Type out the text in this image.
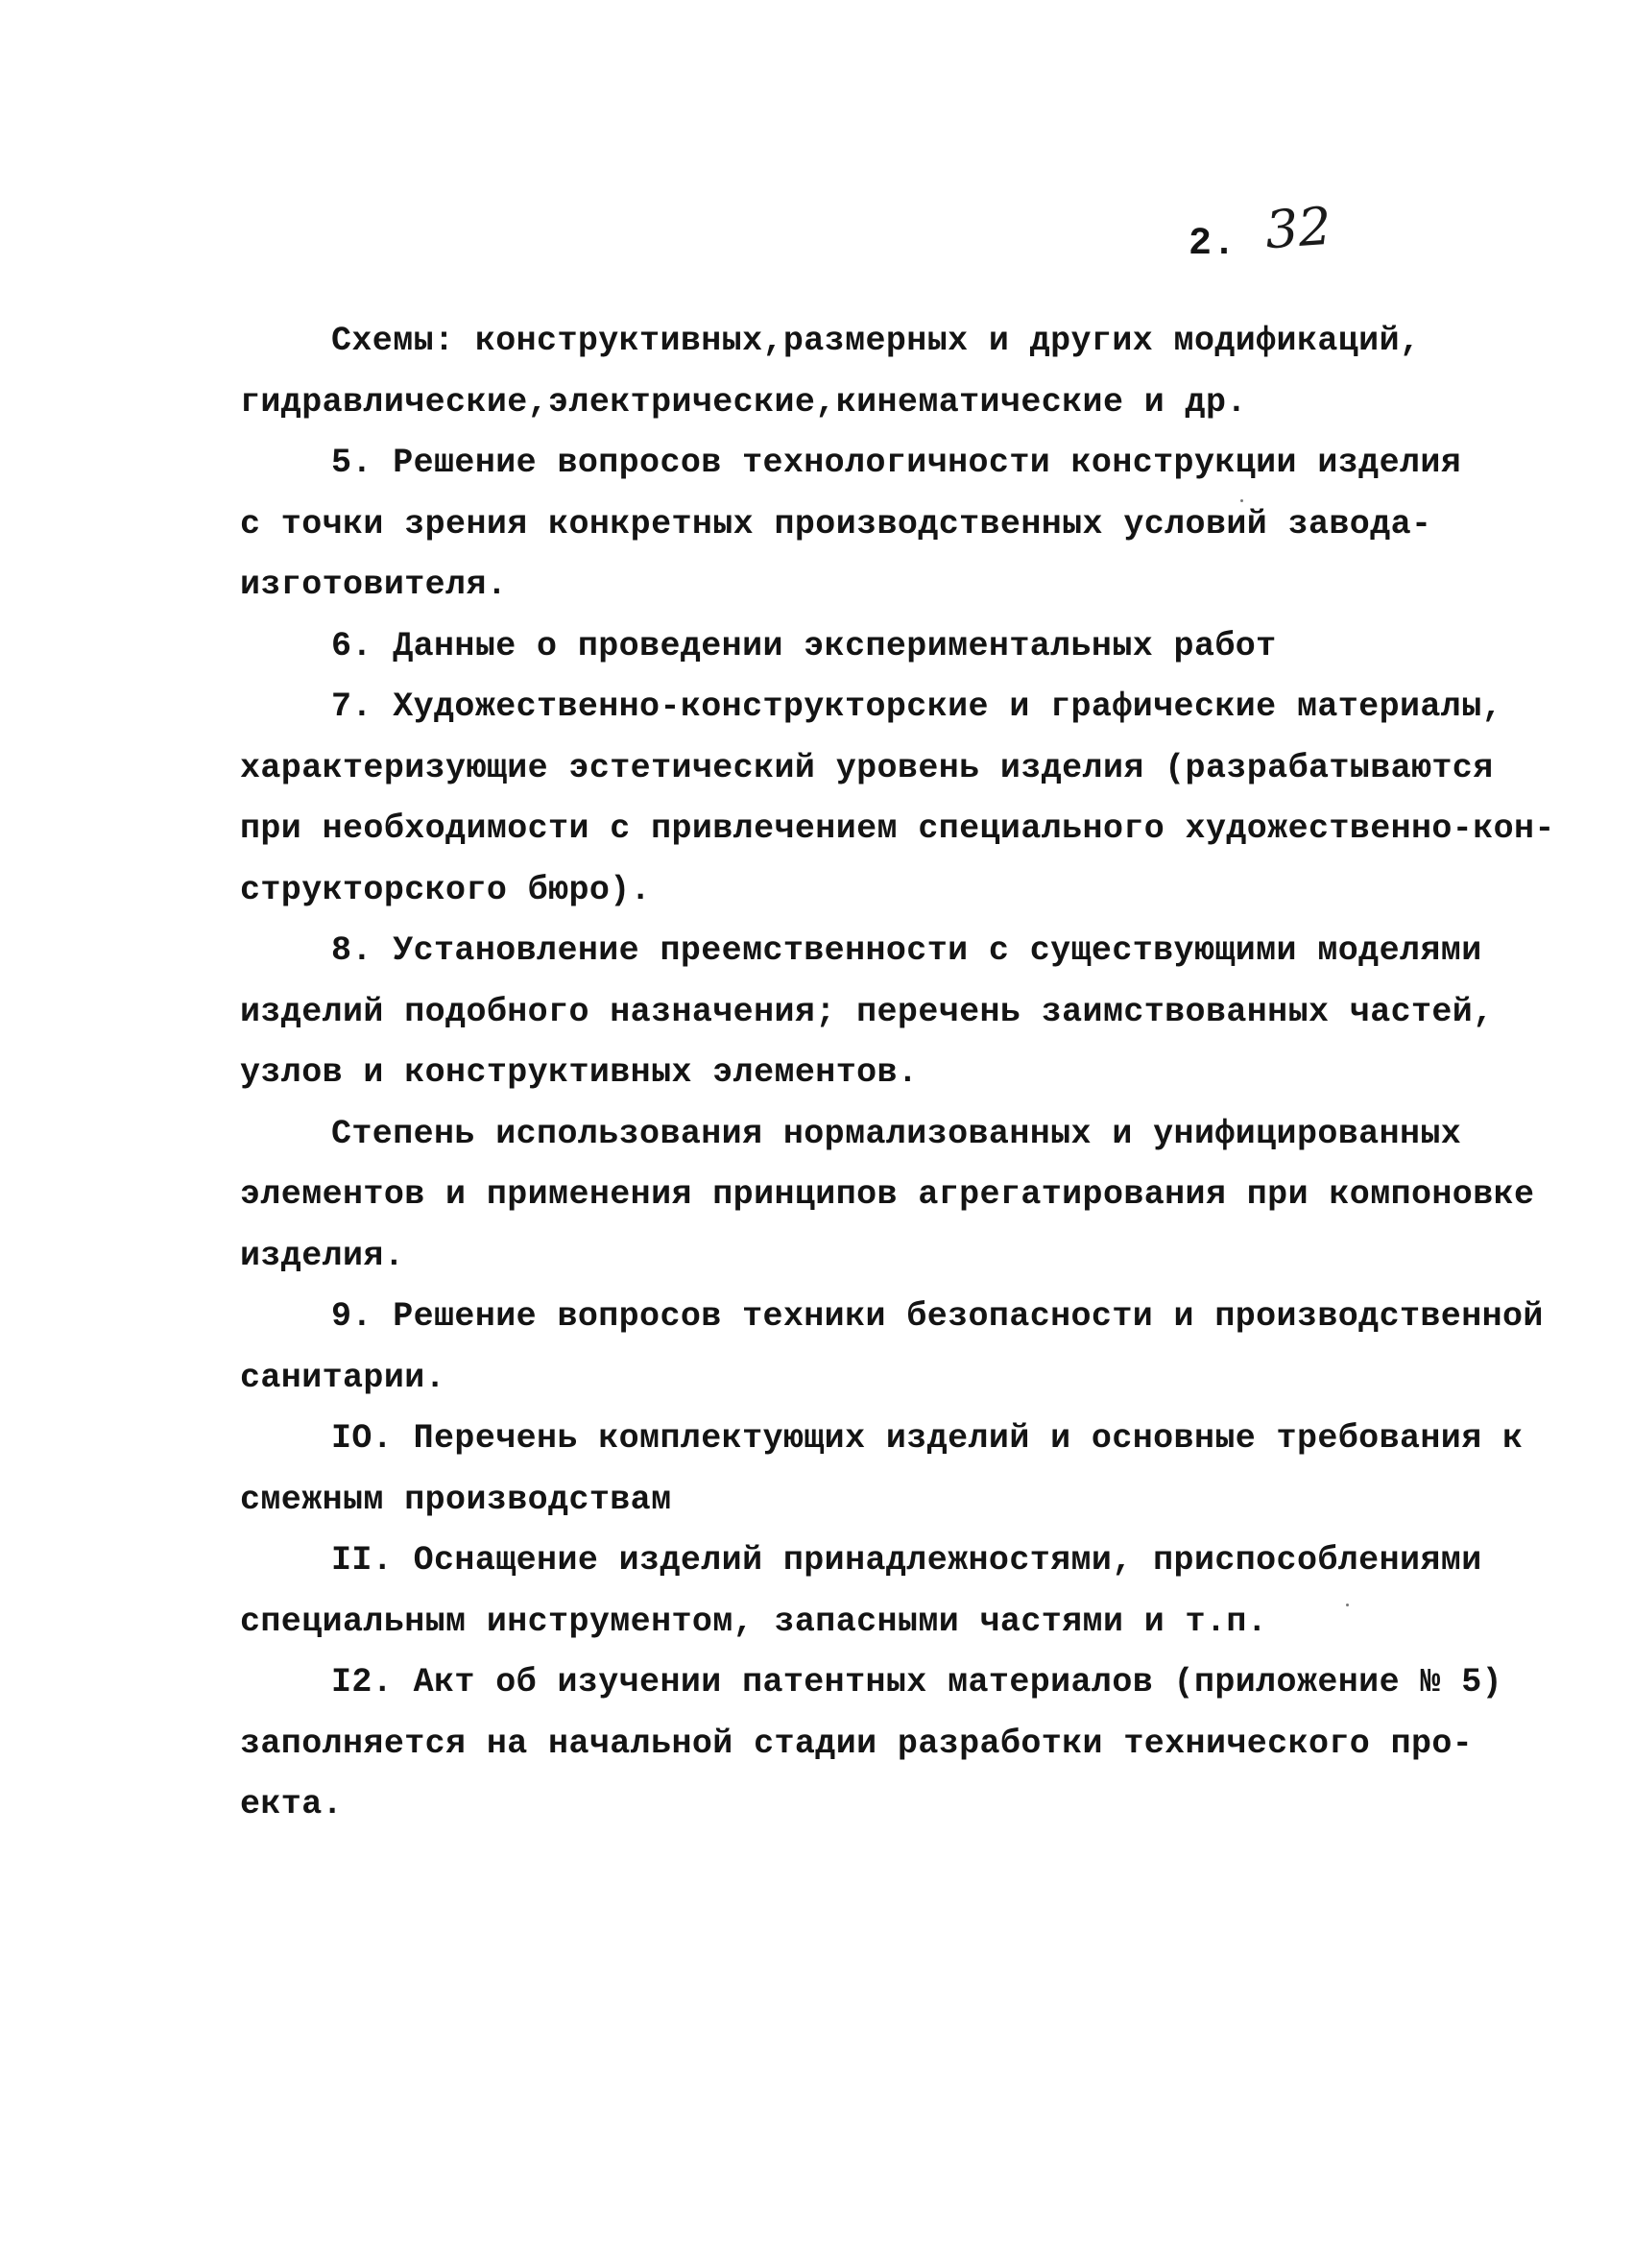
2. 32
Схемы: конструктивных,размерных и других модификаций,
гидравлические,электрические,кинематические и др.
5. Решение вопросов технологичности конструкции изделия
с точки зрения конкретных производственных условий завода-
изготовителя.
6. Данные о проведении экспериментальных работ
7. Художественно-конструкторские и графические материалы,
характеризующие эстетический уровень изделия (разрабатываются
при необходимости с привлечением специального художественно-кон-
структорского бюро).
8. Установление преемственности с существующими моделями
изделий подобного назначения; перечень заимствованных частей,
узлов и конструктивных элементов.
Степень использования нормализованных и унифицированных
элементов и применения принципов агрегатирования при компоновке
изделия.
9. Решение вопросов техники безопасности и производственной
санитарии.
IO. Перечень комплектующих изделий и основные требования к
смежным производствам
II. Оснащение изделий принадлежностями, приспособлениями
специальным инструментом, запасными частями и т.п.
I2. Акт об изучении патентных материалов (приложение № 5)
заполняется на начальной стадии разработки технического про-
екта.
